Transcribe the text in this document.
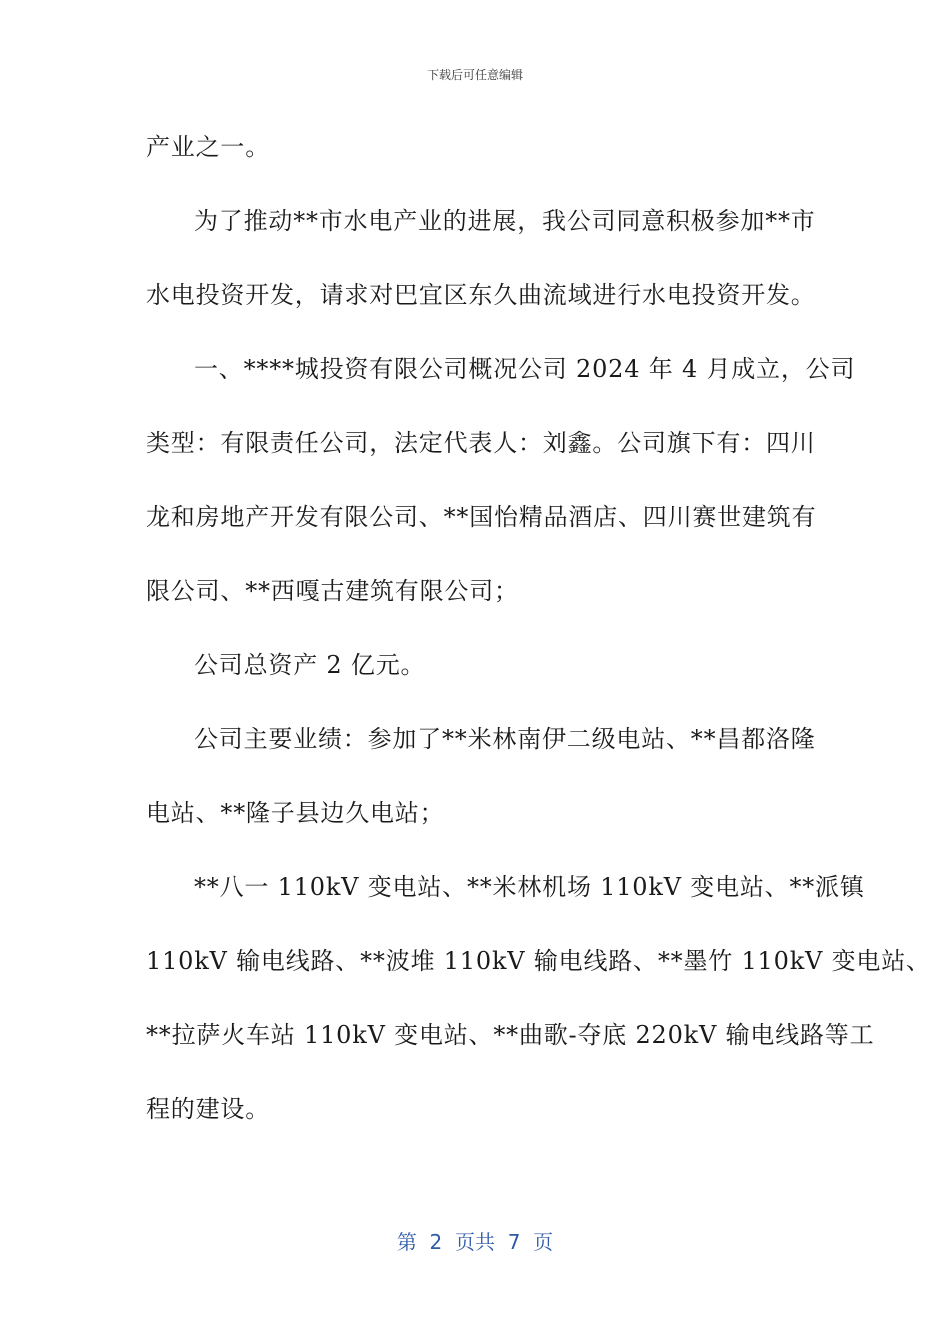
下载后可任意编辑
产业之一。
为了推动**市水电产业的进展，我公司同意积极参加**市
水电投资开发，请求对巴宜区东久曲流域进行水电投资开发。
一、****城投资有限公司概况公司 2024 年 4 月成立，公司
类型：有限责任公司，法定代表人：刘鑫。公司旗下有：四川
龙和房地产开发有限公司、**国怡精品酒店、四川赛世建筑有
限公司、**西嘎古建筑有限公司；
公司总资产 2 亿元。
公司主要业绩：参加了**米林南伊二级电站、**昌都洛隆
电站、**隆子县边久电站；
**八一 110kV 变电站、**米林机场 110kV 变电站、**派镇
110kV 输电线路、**波堆 110kV 输电线路、**墨竹 110kV 变电站、
**拉萨火车站 110kV 变电站、**曲歌-夺底 220kV 输电线路等工
程的建设。
第  2  页共  7  页
